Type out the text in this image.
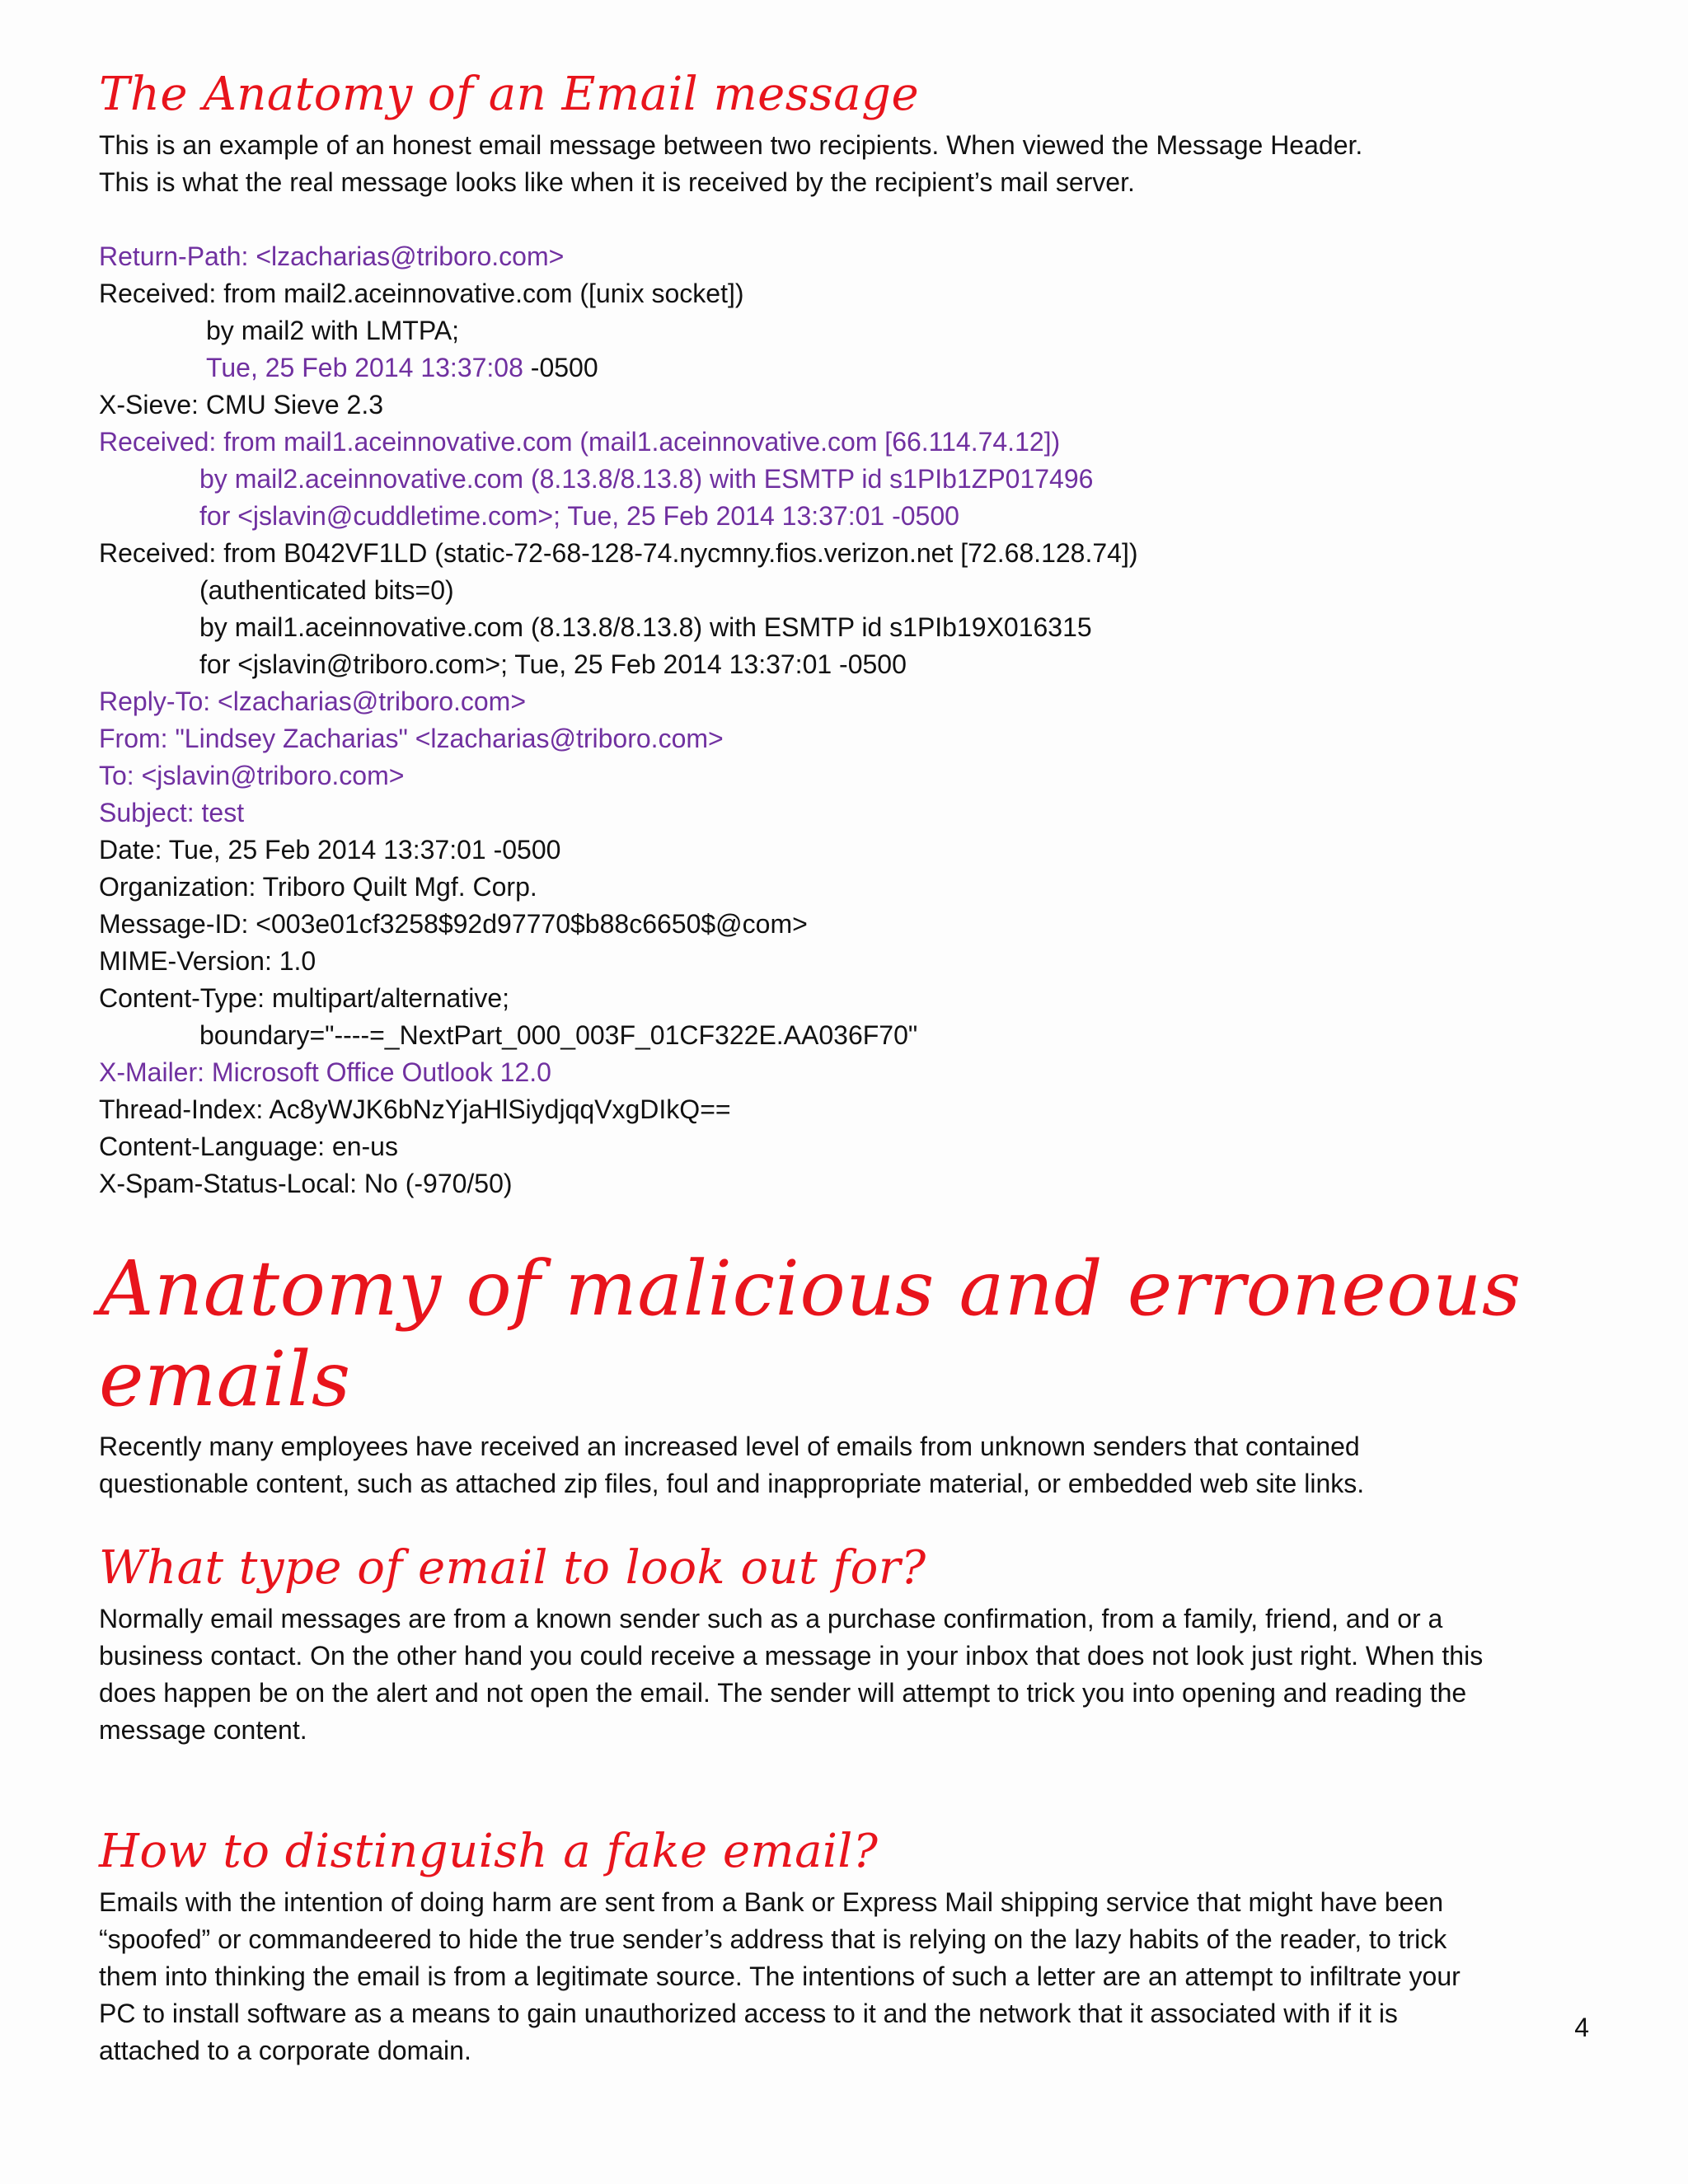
The Anatomy of an Email message

This is an example of an honest email message between two recipients. When viewed the Message Header.

This is what the real message looks like when it is received by the recipient’s mail server.

Return-Path: <lzacharias@triboro.com>

Received: from mail2.aceinnovative.com ([unix socket])

by mail2 with LMTPA;

Tue, 25 Feb 2014 13:37:08 -0500

X-Sieve: CMU Sieve 2.3

Received: from mail1.aceinnovative.com (mail1.aceinnovative.com [66.114.74.12])

by mail2.aceinnovative.com (8.13.8/8.13.8) with ESMTP id s1PIb1ZP017496

for <jslavin@cuddletime.com>; Tue, 25 Feb 2014 13:37:01 -0500

Received: from B042VF1LD (static-72-68-128-74.nycmny.fios.verizon.net [72.68.128.74])

(authenticated bits=0)

by mail1.aceinnovative.com (8.13.8/8.13.8) with ESMTP id s1PIb19X016315

for <jslavin@triboro.com>; Tue, 25 Feb 2014 13:37:01 -0500

Reply-To: <lzacharias@triboro.com>

From: "Lindsey Zacharias" <lzacharias@triboro.com>

To: <jslavin@triboro.com>

Subject: test

Date: Tue, 25 Feb 2014 13:37:01 -0500

Organization: Triboro Quilt Mgf. Corp.

Message-ID: <003e01cf3258$92d97770$b88c6650$@com>

MIME-Version: 1.0

Content-Type: multipart/alternative;

boundary="----=_NextPart_000_003F_01CF322E.AA036F70"

X-Mailer: Microsoft Office Outlook 12.0

Thread-Index: Ac8yWJK6bNzYjaHlSiydjqqVxgDIkQ==

Content-Language: en-us

X-Spam-Status-Local: No (-970/50)

Anatomy of malicious and erroneous emails

Recently many employees have received an increased level of emails from unknown senders that contained

questionable content, such as attached zip files, foul and inappropriate material, or embedded web site links.

What type of email to look out for?

Normally email messages are from a known sender such as a purchase confirmation, from a family, friend, and or a

business contact. On the other hand you could receive a message in your inbox that does not look just right. When this

does happen be on the alert and not open the email. The sender will attempt to trick you into opening and reading the

message content.

How to distinguish a fake email?

Emails with the intention of doing harm are sent from a Bank or Express Mail shipping service that might have been

“spoofed” or commandeered to hide the true sender’s address that is relying on the lazy habits of the reader, to trick

them into thinking the email is from a legitimate source. The intentions of such a letter are an attempt to infiltrate your

PC to install software as a means to gain unauthorized access to it and the network that it associated with if it is

attached to a corporate domain.

4
